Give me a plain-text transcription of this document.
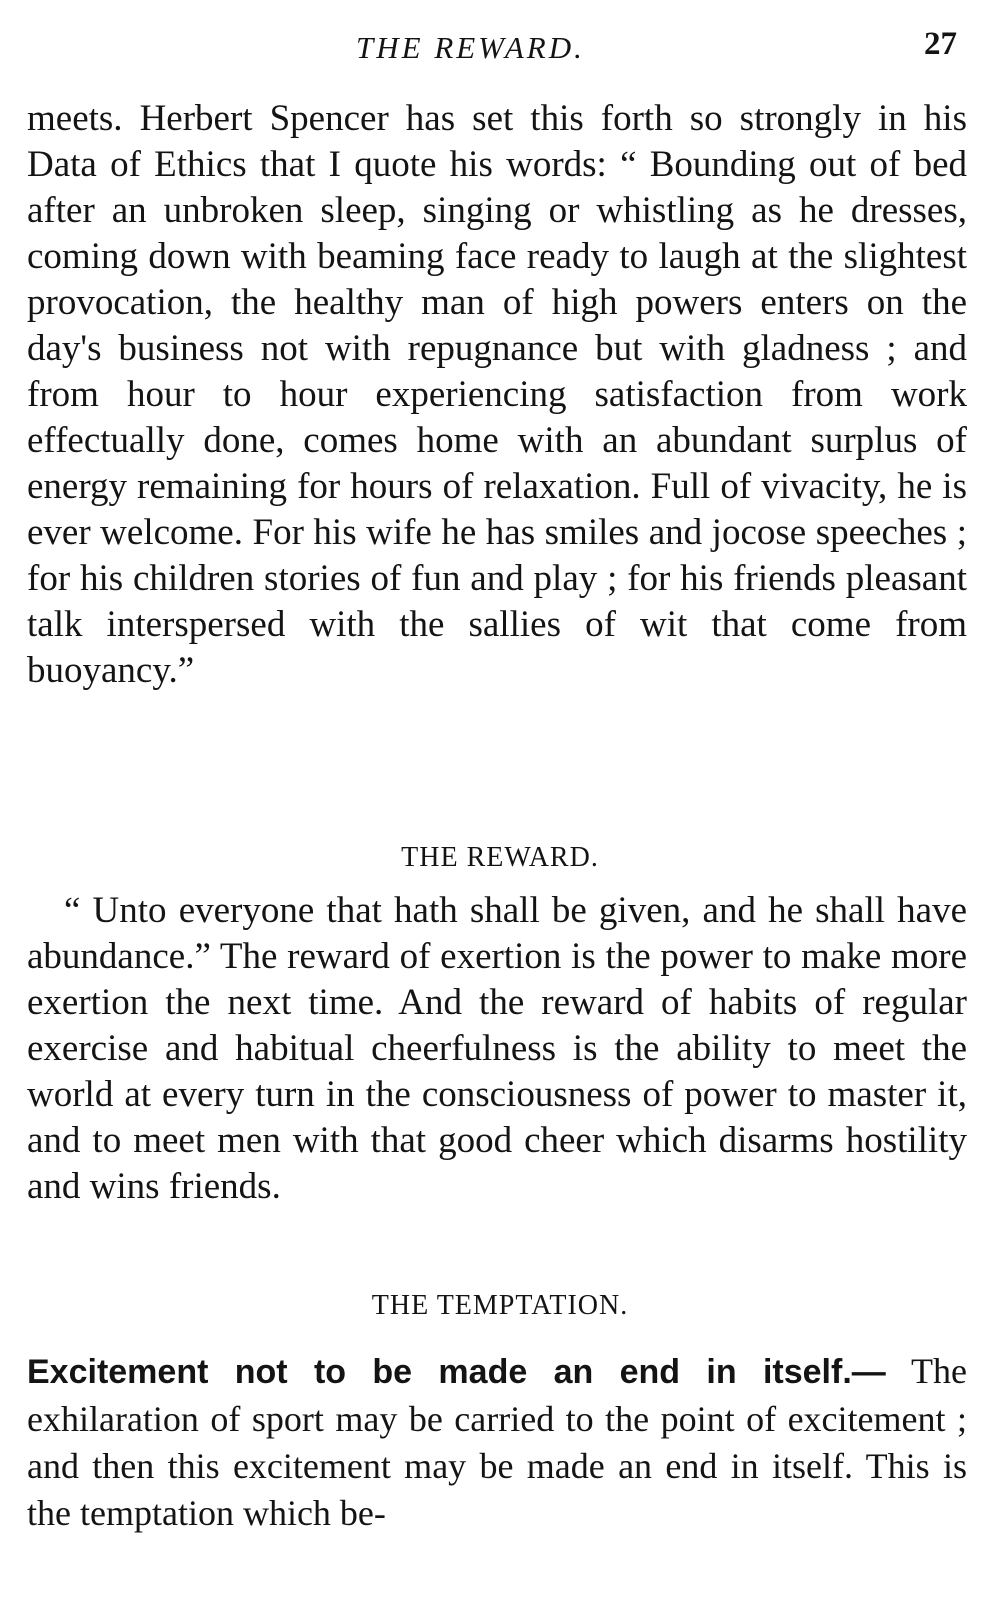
THE REWARD.	27

meets. Herbert Spencer has set this forth so strongly in his Data of Ethics that I quote his words: “ Bounding out of bed after an unbroken sleep, singing or whistling as he dresses, coming down with beaming face ready to laugh at the slightest provocation, the healthy man of high powers enters on the day's business not with repugnance but with gladness ; and from hour to hour experiencing satisfaction from work effectually done, comes home with an abundant surplus of energy remaining for hours of relaxation. Full of vivacity, he is ever welcome. For his wife he has smiles and jocose speeches ; for his children stories of fun and play ; for his friends pleasant talk interspersed with the sallies of wit that come from buoyancy.”

THE REWARD.

“ Unto everyone that hath shall be given, and he shall have abundance.” The reward of exertion is the power to make more exertion the next time. And the reward of habits of regular exercise and habitual cheerfulness is the ability to meet the world at every turn in the consciousness of power to master it, and to meet men with that good cheer which disarms hostility and wins friends.

THE TEMPTATION.

Excitement not to be made an end in itself.— The exhilaration of sport may be carried to the point of excitement ; and then this excitement may be made an end in itself. This is the temptation which be-
